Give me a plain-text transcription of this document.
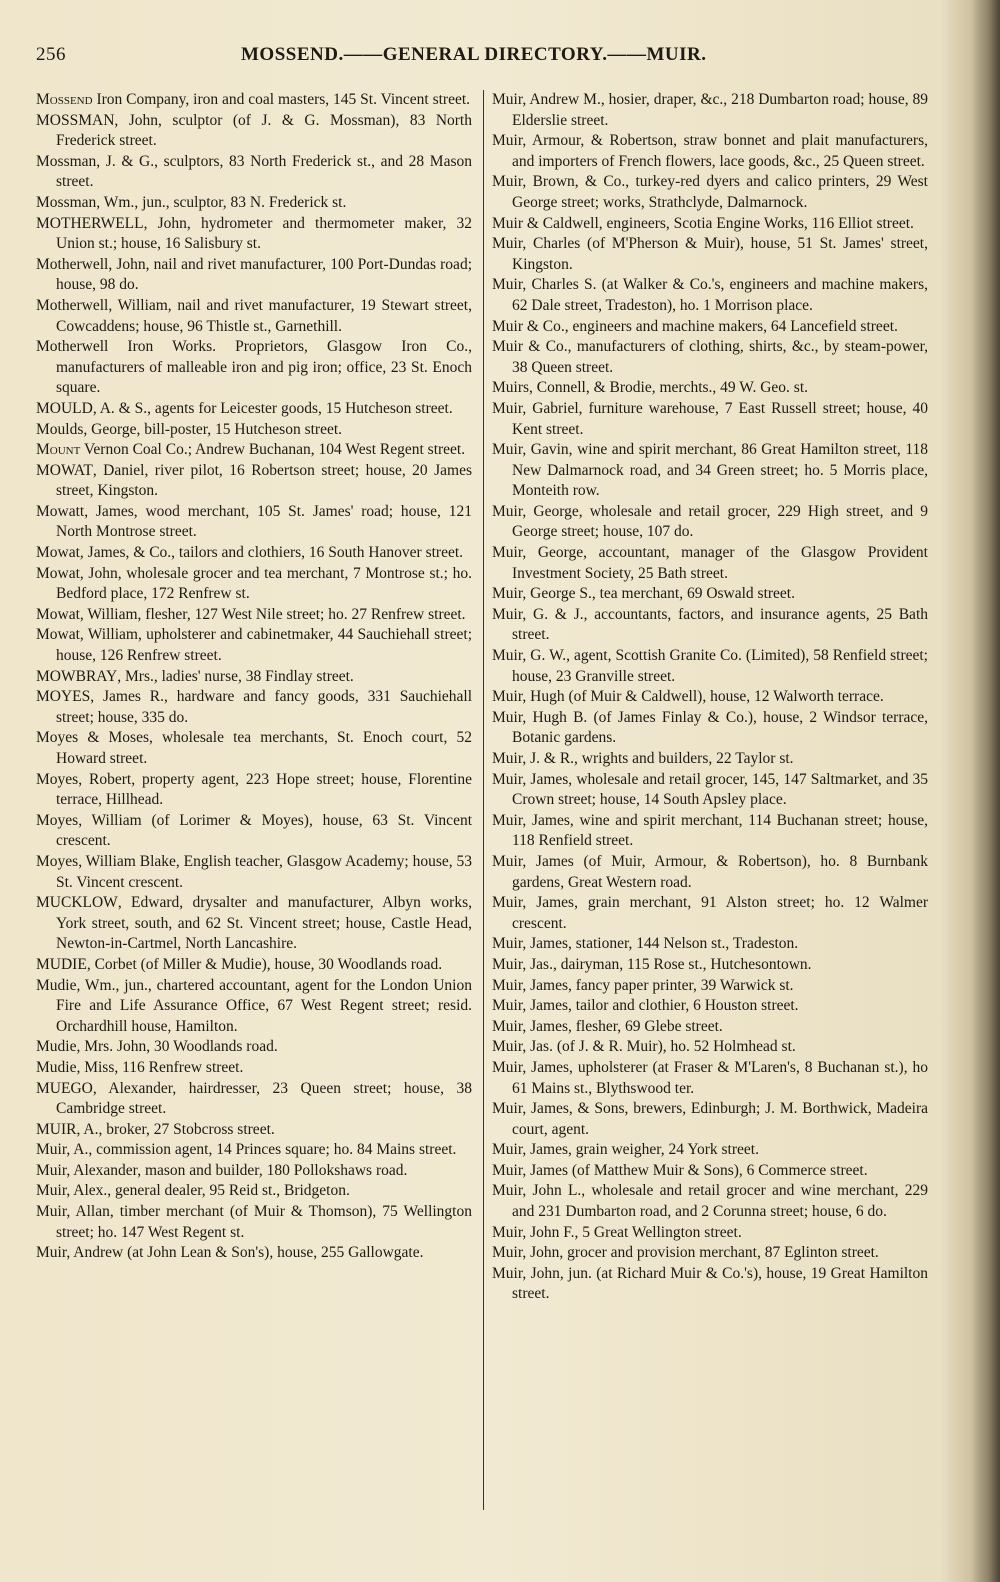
256	MOSSEND.——GENERAL DIRECTORY.——MUIR.

Mossend Iron Company, iron and coal masters, 145 St. Vincent street.

MOSSMAN, John, sculptor (of J. & G. Mossman), 83 North Frederick street.

Mossman, J. & G., sculptors, 83 North Frederick st., and 28 Mason street.

Mossman, Wm., jun., sculptor, 83 N. Frederick st.

MOTHERWELL, John, hydrometer and thermometer maker, 32 Union st.; house, 16 Salisbury st.

Motherwell, John, nail and rivet manufacturer, 100 Port-Dundas road; house, 98 do.

Motherwell, William, nail and rivet manufacturer, 19 Stewart street, Cowcaddens; house, 96 Thistle st., Garnethill.

Motherwell Iron Works. Proprietors, Glasgow Iron Co., manufacturers of malleable iron and pig iron; office, 23 St. Enoch square.

MOULD, A. & S., agents for Leicester goods, 15 Hutcheson street.

Moulds, George, bill-poster, 15 Hutcheson street.

Mount Vernon Coal Co.; Andrew Buchanan, 104 West Regent street.

MOWAT, Daniel, river pilot, 16 Robertson street; house, 20 James street, Kingston.

Mowatt, James, wood merchant, 105 St. James' road; house, 121 North Montrose street.

Mowat, James, & Co., tailors and clothiers, 16 South Hanover street.

Mowat, John, wholesale grocer and tea merchant, 7 Montrose st.; ho. Bedford place, 172 Renfrew st.

Mowat, William, flesher, 127 West Nile street; ho. 27 Renfrew street.

Mowat, William, upholsterer and cabinetmaker, 44 Sauchiehall street; house, 126 Renfrew street.

MOWBRAY, Mrs., ladies' nurse, 38 Findlay street.

MOYES, James R., hardware and fancy goods, 331 Sauchiehall street; house, 335 do.

Moyes & Moses, wholesale tea merchants, St. Enoch court, 52 Howard street.

Moyes, Robert, property agent, 223 Hope street; house, Florentine terrace, Hillhead.

Moyes, William (of Lorimer & Moyes), house, 63 St. Vincent crescent.

Moyes, William Blake, English teacher, Glasgow Academy; house, 53 St. Vincent crescent.

MUCKLOW, Edward, drysalter and manufacturer, Albyn works, York street, south, and 62 St. Vincent street; house, Castle Head, Newton-in-Cartmel, North Lancashire.

MUDIE, Corbet (of Miller & Mudie), house, 30 Woodlands road.

Mudie, Wm., jun., chartered accountant, agent for the London Union Fire and Life Assurance Office, 67 West Regent street; resid. Orchardhill house, Hamilton.

Mudie, Mrs. John, 30 Woodlands road.

Mudie, Miss, 116 Renfrew street.

MUEGO, Alexander, hairdresser, 23 Queen street; house, 38 Cambridge street.

MUIR, A., broker, 27 Stobcross street.

Muir, A., commission agent, 14 Princes square; ho. 84 Mains street.

Muir, Alexander, mason and builder, 180 Pollokshaws road.

Muir, Alex., general dealer, 95 Reid st., Bridgeton.

Muir, Allan, timber merchant (of Muir & Thomson), 75 Wellington street; ho. 147 West Regent st.

Muir, Andrew (at John Lean & Son's), house, 255 Gallowgate.

Muir, Andrew M., hosier, draper, &c., 218 Dumbarton road; house, 89 Elderslie street.

Muir, Armour, & Robertson, straw bonnet and plait manufacturers, and importers of French flowers, lace goods, &c., 25 Queen street.

Muir, Brown, & Co., turkey-red dyers and calico printers, 29 West George street; works, Strathclyde, Dalmarnock.

Muir & Caldwell, engineers, Scotia Engine Works, 116 Elliot street.

Muir, Charles (of M'Pherson & Muir), house, 51 St. James' street, Kingston.

Muir, Charles S. (at Walker & Co.'s, engineers and machine makers, 62 Dale street, Tradeston), ho. 1 Morrison place.

Muir & Co., engineers and machine makers, 64 Lancefield street.

Muir & Co., manufacturers of clothing, shirts, &c., by steam-power, 38 Queen street.

Muirs, Connell, & Brodie, merchts., 49 W. Geo. st.

Muir, Gabriel, furniture warehouse, 7 East Russell street; house, 40 Kent street.

Muir, Gavin, wine and spirit merchant, 86 Great Hamilton street, 118 New Dalmarnock road, and 34 Green street; ho. 5 Morris place, Monteith row.

Muir, George, wholesale and retail grocer, 229 High street, and 9 George street; house, 107 do.

Muir, George, accountant, manager of the Glasgow Provident Investment Society, 25 Bath street.

Muir, George S., tea merchant, 69 Oswald street.

Muir, G. & J., accountants, factors, and insurance agents, 25 Bath street.

Muir, G. W., agent, Scottish Granite Co. (Limited), 58 Renfield street; house, 23 Granville street.

Muir, Hugh (of Muir & Caldwell), house, 12 Walworth terrace.

Muir, Hugh B. (of James Finlay & Co.), house, 2 Windsor terrace, Botanic gardens.

Muir, J. & R., wrights and builders, 22 Taylor st.

Muir, James, wholesale and retail grocer, 145, 147 Saltmarket, and 35 Crown street; house, 14 South Apsley place.

Muir, James, wine and spirit merchant, 114 Buchanan street; house, 118 Renfield street.

Muir, James (of Muir, Armour, & Robertson), ho. 8 Burnbank gardens, Great Western road.

Muir, James, grain merchant, 91 Alston street; ho. 12 Walmer crescent.

Muir, James, stationer, 144 Nelson st., Tradeston.

Muir, Jas., dairyman, 115 Rose st., Hutchesontown.

Muir, James, fancy paper printer, 39 Warwick st.

Muir, James, tailor and clothier, 6 Houston street.

Muir, James, flesher, 69 Glebe street.

Muir, Jas. (of J. & R. Muir), ho. 52 Holmhead st.

Muir, James, upholsterer (at Fraser & M'Laren's, 8 Buchanan st.), ho 61 Mains st., Blythswood ter.

Muir, James, & Sons, brewers, Edinburgh; J. M. Borthwick, Madeira court, agent.

Muir, James, grain weigher, 24 York street.

Muir, James (of Matthew Muir & Sons), 6 Commerce street.

Muir, John L., wholesale and retail grocer and wine merchant, 229 and 231 Dumbarton road, and 2 Corunna street; house, 6 do.

Muir, John F., 5 Great Wellington street.

Muir, John, grocer and provision merchant, 87 Eglinton street.

Muir, John, jun. (at Richard Muir & Co.'s), house, 19 Great Hamilton street.
